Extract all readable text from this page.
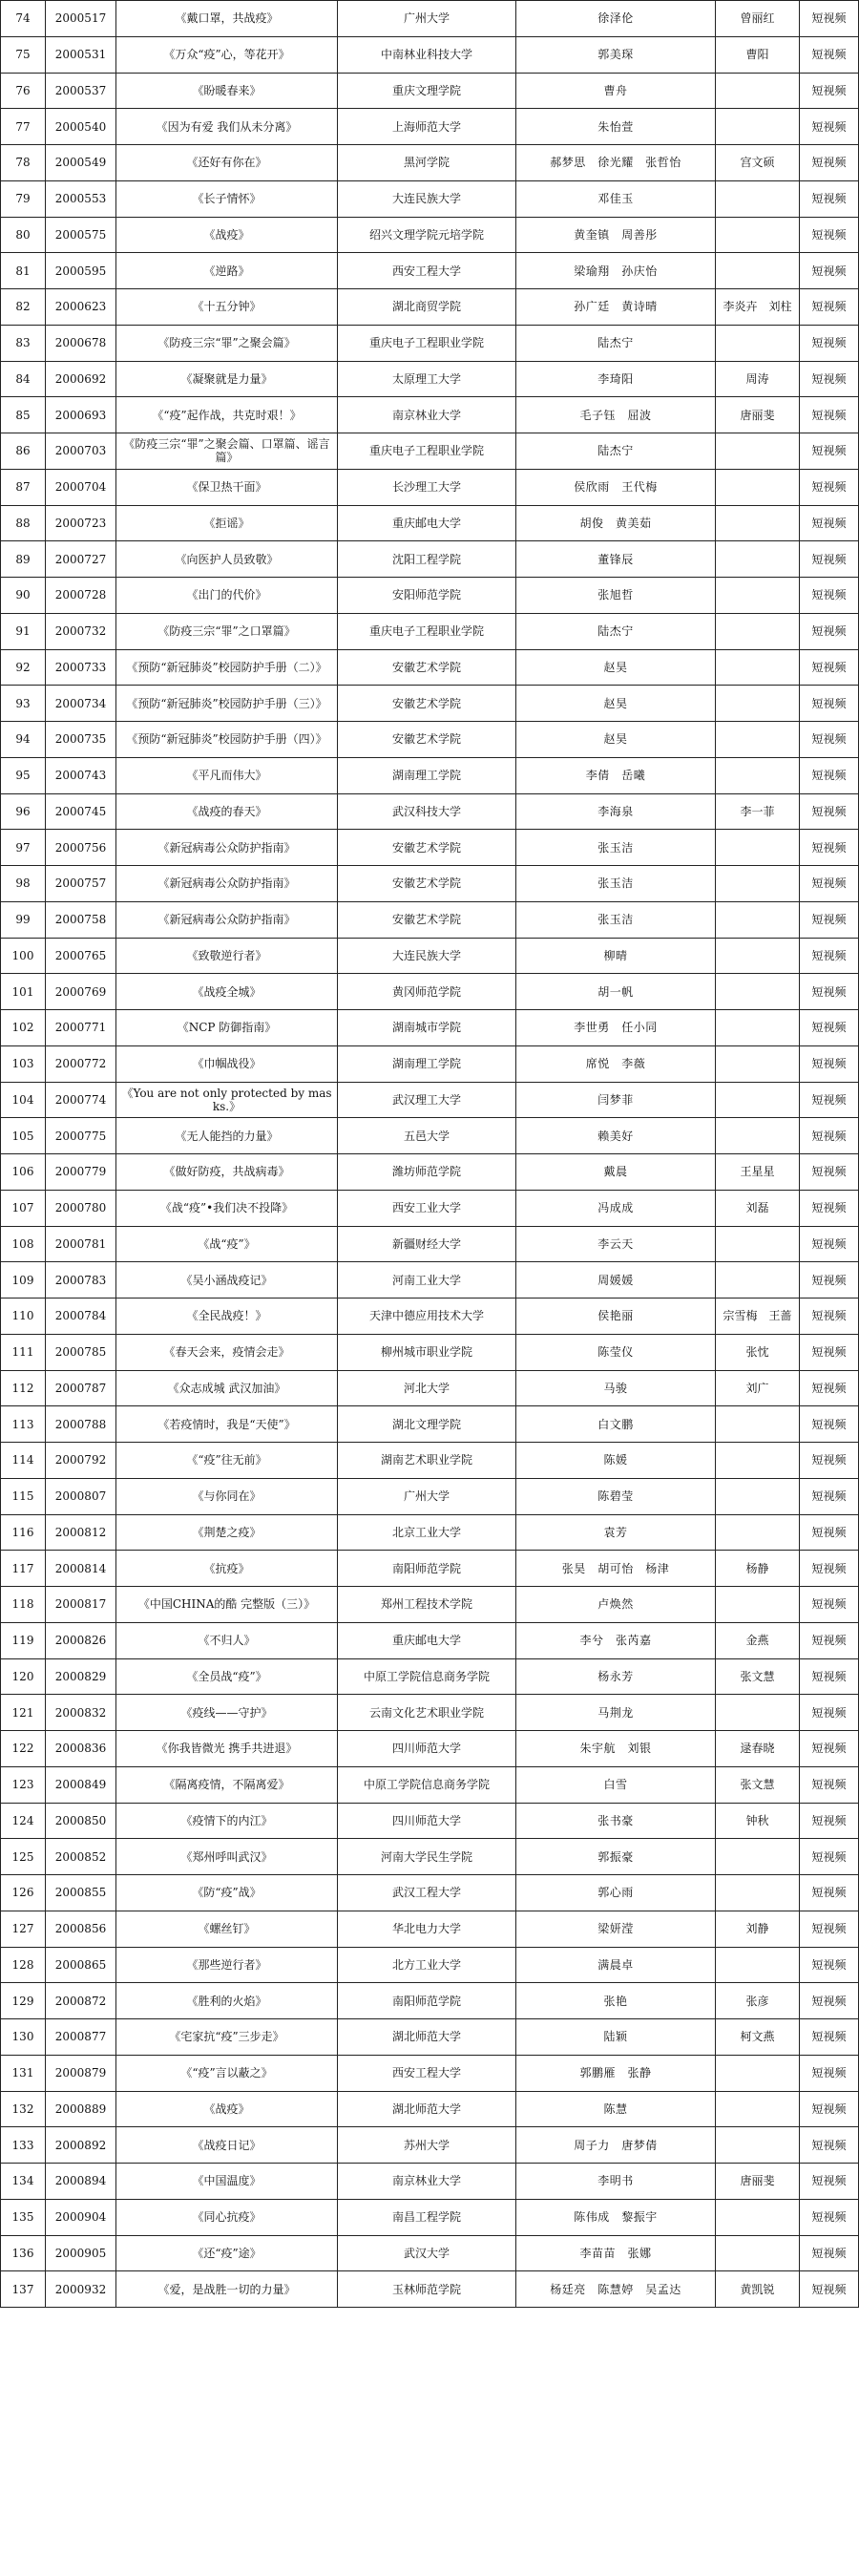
74	2000517	《戴口罩，共战疫》	广州大学	徐泽伦	曾丽红	短视频
75	2000531	《万众“疫”心，等花开》	中南林业科技大学	郭美琛	曹阳	短视频
76	2000537	《盼暖春来》	重庆文理学院	曹舟		短视频
77	2000540	《因为有爱 我们从未分离》	上海师范大学	朱怡萱		短视频
78	2000549	《还好有你在》	黑河学院	郝梦思　徐光耀　张哲怡	宫文硕	短视频
79	2000553	《长子情怀》	大连民族大学	邓佳玉		短视频
80	2000575	《战疫》	绍兴文理学院元培学院	黄奎镇　周善彤		短视频
81	2000595	《逆路》	西安工程大学	梁瑜翔　孙庆怡		短视频
82	2000623	《十五分钟》	湖北商贸学院	孙广廷　黄诗晴	李炎卉　刘柱	短视频
83	2000678	《防疫三宗“罪”之聚会篇》	重庆电子工程职业学院	陆杰宁		短视频
84	2000692	《凝聚就是力量》	太原理工大学	李琦阳	周涛	短视频
85	2000693	《“疫”起作战，共克时艰！》	南京林业大学	毛子钰　屈波	唐丽斐	短视频
86	2000703	《防疫三宗“罪”之聚会篇、口罩篇、谣言篇》	重庆电子工程职业学院	陆杰宁		短视频
87	2000704	《保卫热干面》	长沙理工大学	侯欣雨　王代梅		短视频
88	2000723	《拒谣》	重庆邮电大学	胡俊　黄美茹		短视频
89	2000727	《向医护人员致敬》	沈阳工程学院	董锋辰		短视频
90	2000728	《出门的代价》	安阳师范学院	张旭哲		短视频
91	2000732	《防疫三宗“罪”之口罩篇》	重庆电子工程职业学院	陆杰宁		短视频
92	2000733	《预防“新冠肺炎”校园防护手册（二）》	安徽艺术学院	赵昊		短视频
93	2000734	《预防“新冠肺炎”校园防护手册（三）》	安徽艺术学院	赵昊		短视频
94	2000735	《预防“新冠肺炎”校园防护手册（四）》	安徽艺术学院	赵昊		短视频
95	2000743	《平凡而伟大》	湖南理工学院	李倩　岳曦		短视频
96	2000745	《战疫的春天》	武汉科技大学	李海泉	李一菲	短视频
97	2000756	《新冠病毒公众防护指南》	安徽艺术学院	张玉洁		短视频
98	2000757	《新冠病毒公众防护指南》	安徽艺术学院	张玉洁		短视频
99	2000758	《新冠病毒公众防护指南》	安徽艺术学院	张玉洁		短视频
100	2000765	《致敬逆行者》	大连民族大学	柳晴		短视频
101	2000769	《战疫全城》	黄冈师范学院	胡一帆		短视频
102	2000771	《NCP 防御指南》	湖南城市学院	李世勇　任小同		短视频
103	2000772	《巾帼战役》	湖南理工学院	席悦　李薇		短视频
104	2000774	《You are not only protected by masks.》	武汉理工大学	闫梦菲		短视频
105	2000775	《无人能挡的力量》	五邑大学	赖美好		短视频
106	2000779	《做好防疫，共战病毒》	潍坊师范学院	戴晨	王星星	短视频
107	2000780	《战“疫”•我们决不投降》	西安工业大学	冯成成	刘磊	短视频
108	2000781	《战“疫”》	新疆财经大学	李云天		短视频
109	2000783	《吴小涵战疫记》	河南工业大学	周媛媛		短视频
110	2000784	《全民战疫！》	天津中德应用技术大学	侯艳丽	宗雪梅　王蔷	短视频
111	2000785	《春天会来，疫情会走》	柳州城市职业学院	陈莹仪	张忱	短视频
112	2000787	《众志成城 武汉加油》	河北大学	马骏	刘广	短视频
113	2000788	《若疫情时，我是“天使”》	湖北文理学院	白文鹏		短视频
114	2000792	《“疫”往无前》	湖南艺术职业学院	陈媛		短视频
115	2000807	《与你同在》	广州大学	陈碧莹		短视频
116	2000812	《荆楚之疫》	北京工业大学	袁芳		短视频
117	2000814	《抗疫》	南阳师范学院	张昊　胡可怡　杨津	杨静	短视频
118	2000817	《中国CHINA的酷 完整版（三）》	郑州工程技术学院	卢焕然		短视频
119	2000826	《不归人》	重庆邮电大学	李兮　张芮嘉	金燕	短视频
120	2000829	《全员战“疫”》	中原工学院信息商务学院	杨永芳	张文慧	短视频
121	2000832	《疫线——守护》	云南文化艺术职业学院	马荆龙		短视频
122	2000836	《你我皆微光 携手共进退》	四川师范大学	朱宇航　刘银	逯春晓	短视频
123	2000849	《隔离疫情，不隔离爱》	中原工学院信息商务学院	白雪	张文慧	短视频
124	2000850	《疫情下的内江》	四川师范大学	张书豪	钟秋	短视频
125	2000852	《郑州呼叫武汉》	河南大学民生学院	郭振豪		短视频
126	2000855	《防“疫”战》	武汉工程大学	郭心雨		短视频
127	2000856	《螺丝钉》	华北电力大学	梁妍滢	刘静	短视频
128	2000865	《那些逆行者》	北方工业大学	满晨卓		短视频
129	2000872	《胜利的火焰》	南阳师范学院	张艳	张彦	短视频
130	2000877	《宅家抗“疫”三步走》	湖北师范大学	陆颖	柯文燕	短视频
131	2000879	《“疫”言以蔽之》	西安工程大学	郭鹏雁　张静		短视频
132	2000889	《战疫》	湖北师范大学	陈慧		短视频
133	2000892	《战疫日记》	苏州大学	周子力　唐梦倩		短视频
134	2000894	《中国温度》	南京林业大学	李明书	唐丽斐	短视频
135	2000904	《同心抗疫》	南昌工程学院	陈伟成　黎振宇		短视频
136	2000905	《还“疫”途》	武汉大学	李苗苗　张娜		短视频
137	2000932	《爱，是战胜一切的力量》	玉林师范学院	杨廷亮　陈慧婷　吴孟达	黄凯锐	短视频
